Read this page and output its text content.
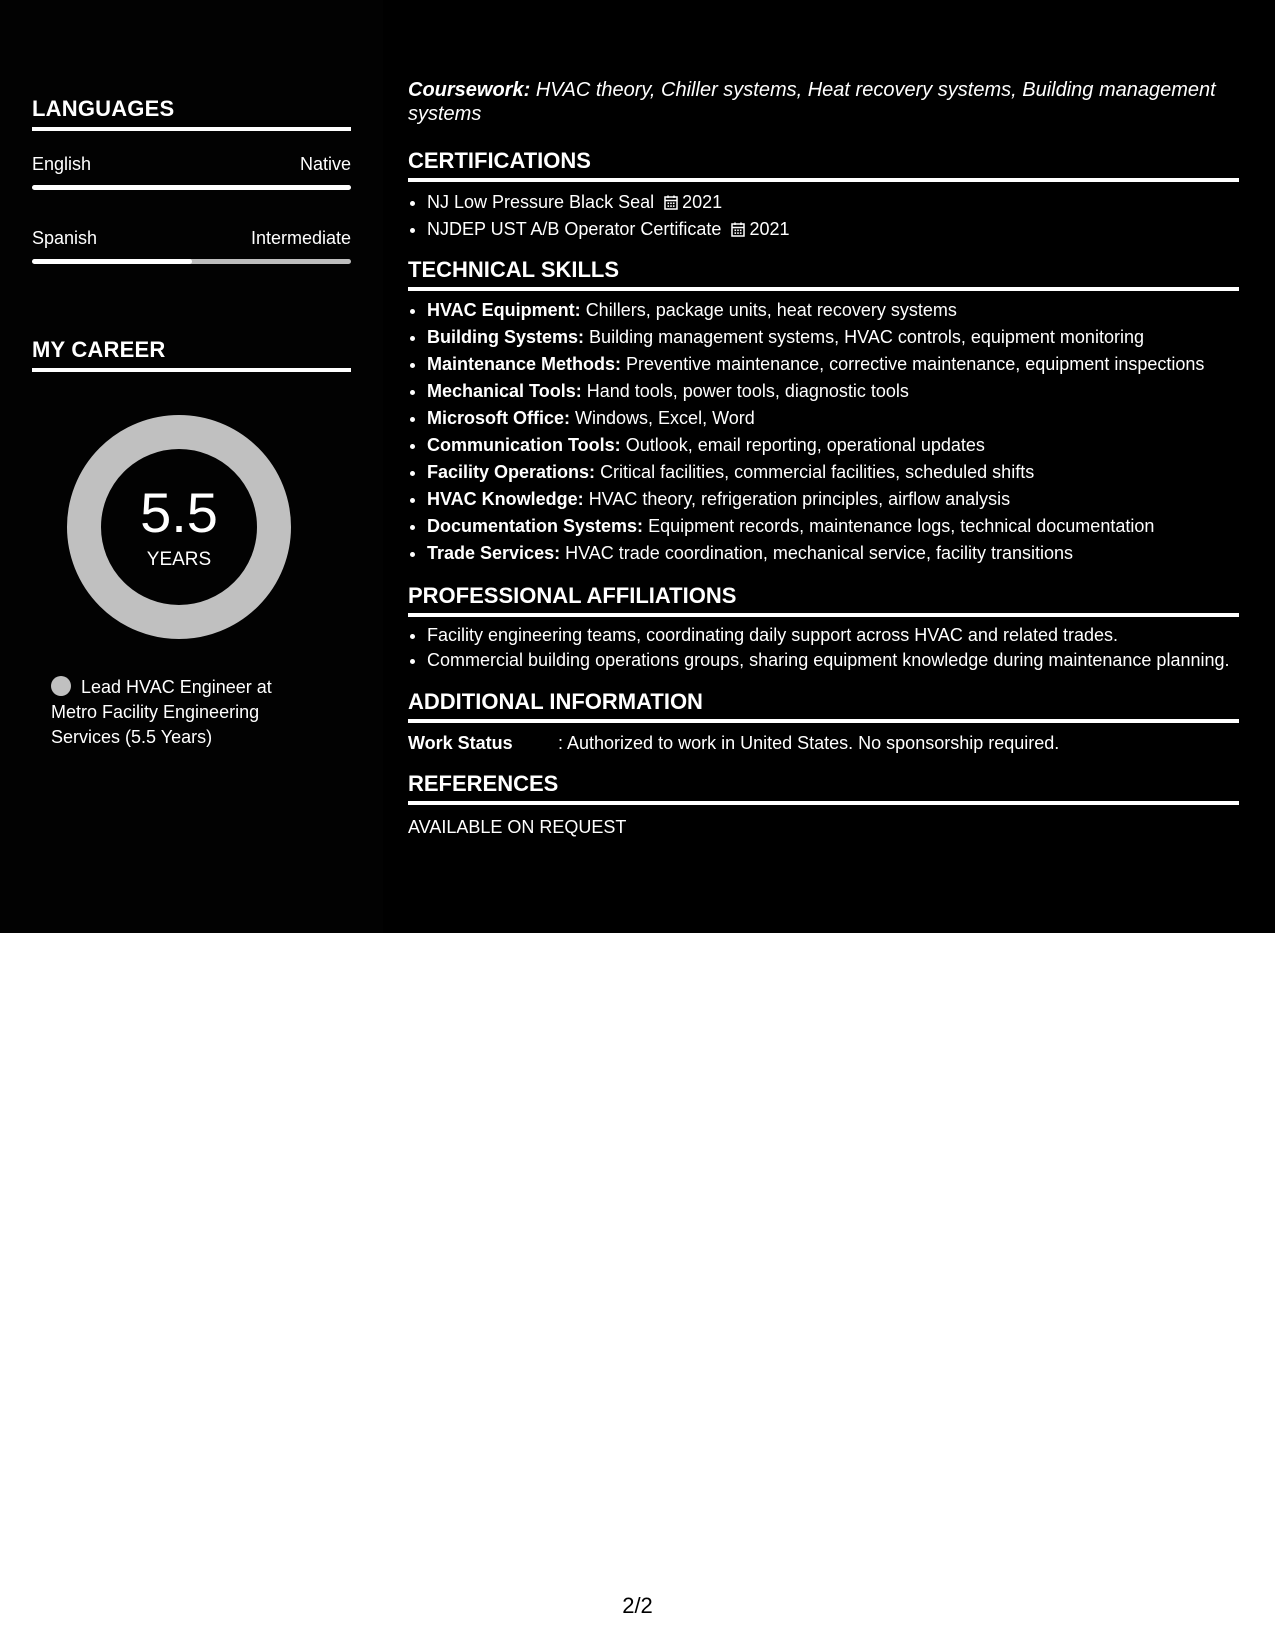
LANGUAGES
English	Native
Spanish	Intermediate
MY CAREER
5.5
YEARS
Lead HVAC Engineer at Metro Facility Engineering Services (5.5 Years)

Coursework: HVAC theory, Chiller systems, Heat recovery systems, Building management systems

CERTIFICATIONS
• NJ Low Pressure Black Seal 2021
• NJDEP UST A/B Operator Certificate 2021
TECHNICAL SKILLS
• HVAC Equipment: Chillers, package units, heat recovery systems
• Building Systems: Building management systems, HVAC controls, equipment monitoring
• Maintenance Methods: Preventive maintenance, corrective maintenance, equipment inspections
• Mechanical Tools: Hand tools, power tools, diagnostic tools
• Microsoft Office: Windows, Excel, Word
• Communication Tools: Outlook, email reporting, operational updates
• Facility Operations: Critical facilities, commercial facilities, scheduled shifts
• HVAC Knowledge: HVAC theory, refrigeration principles, airflow analysis
• Documentation Systems: Equipment records, maintenance logs, technical documentation
• Trade Services: HVAC trade coordination, mechanical service, facility transitions
PROFESSIONAL AFFILIATIONS
• Facility engineering teams, coordinating daily support across HVAC and related trades.
• Commercial building operations groups, sharing equipment knowledge during maintenance planning.
ADDITIONAL INFORMATION
Work Status	: Authorized to work in United States. No sponsorship required.
REFERENCES
AVAILABLE ON REQUEST
2/2
